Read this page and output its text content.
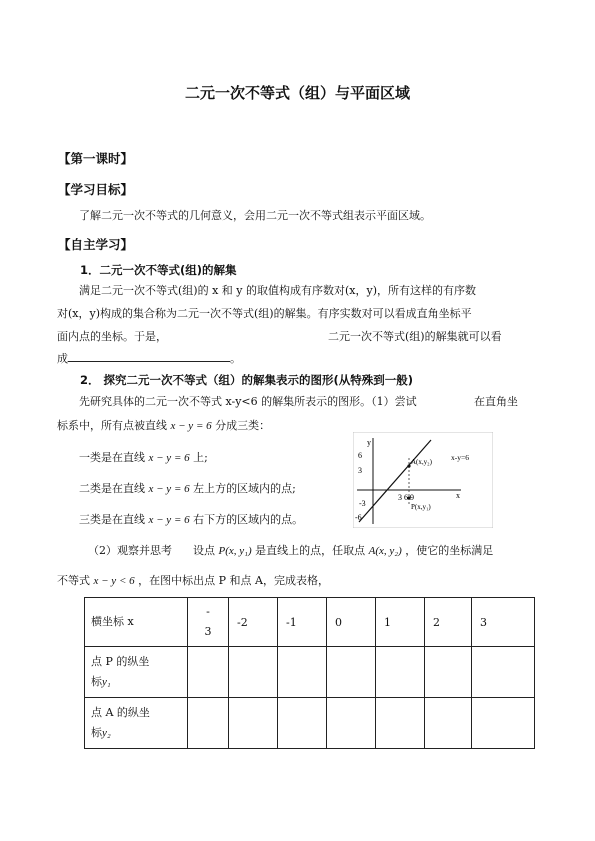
二元一次不等式（组）与平面区域
【第一课时】
【学习目标】
了解二元一次不等式的几何意义，会用二元一次不等式组表示平面区域。
【自主学习】
1．二元一次不等式(组)的解集
满足二元一次不等式(组)的 x 和 y 的取值构成有序数对(x，y)，所有这样的有序数
对(x，y)构成的集合称为二元一次不等式(组)的解集。有序实数对可以看成直角坐标平
面内点的坐标。于是，	二元一次不等式(组)的解集就可以看
成	。
2． 探究二元一次不等式（组）的解集表示的图形(从特殊到一般)
先研究具体的二元一次不等式 x-y<6 的解集所表示的图形。（1）尝试	在直角坐
标系中，所有点被直线 x − y = 6 分成三类：
一类是在直线 x − y = 6 上;
二类是在直线 x − y = 6 左上方的区域内的点;
三类是在直线 x − y = 6 右下方的区域内的点。
y
6
3
-3
-6
3 6 9	x
A(x,y₂)
P(x,y₁)
x-y=6
（2）观察并思考 设点 P(x, y₁) 是直线上的点，任取点 A(x, y₂) ，使它的坐标满足
不等式 x − y < 6 ，在图中标出点 P 和点 A，完成表格，
横坐标 x	-
3	-2	-1	0	1	2	3

点 P 的纵坐
标y₁							

点 A 的纵坐
标y₂							
